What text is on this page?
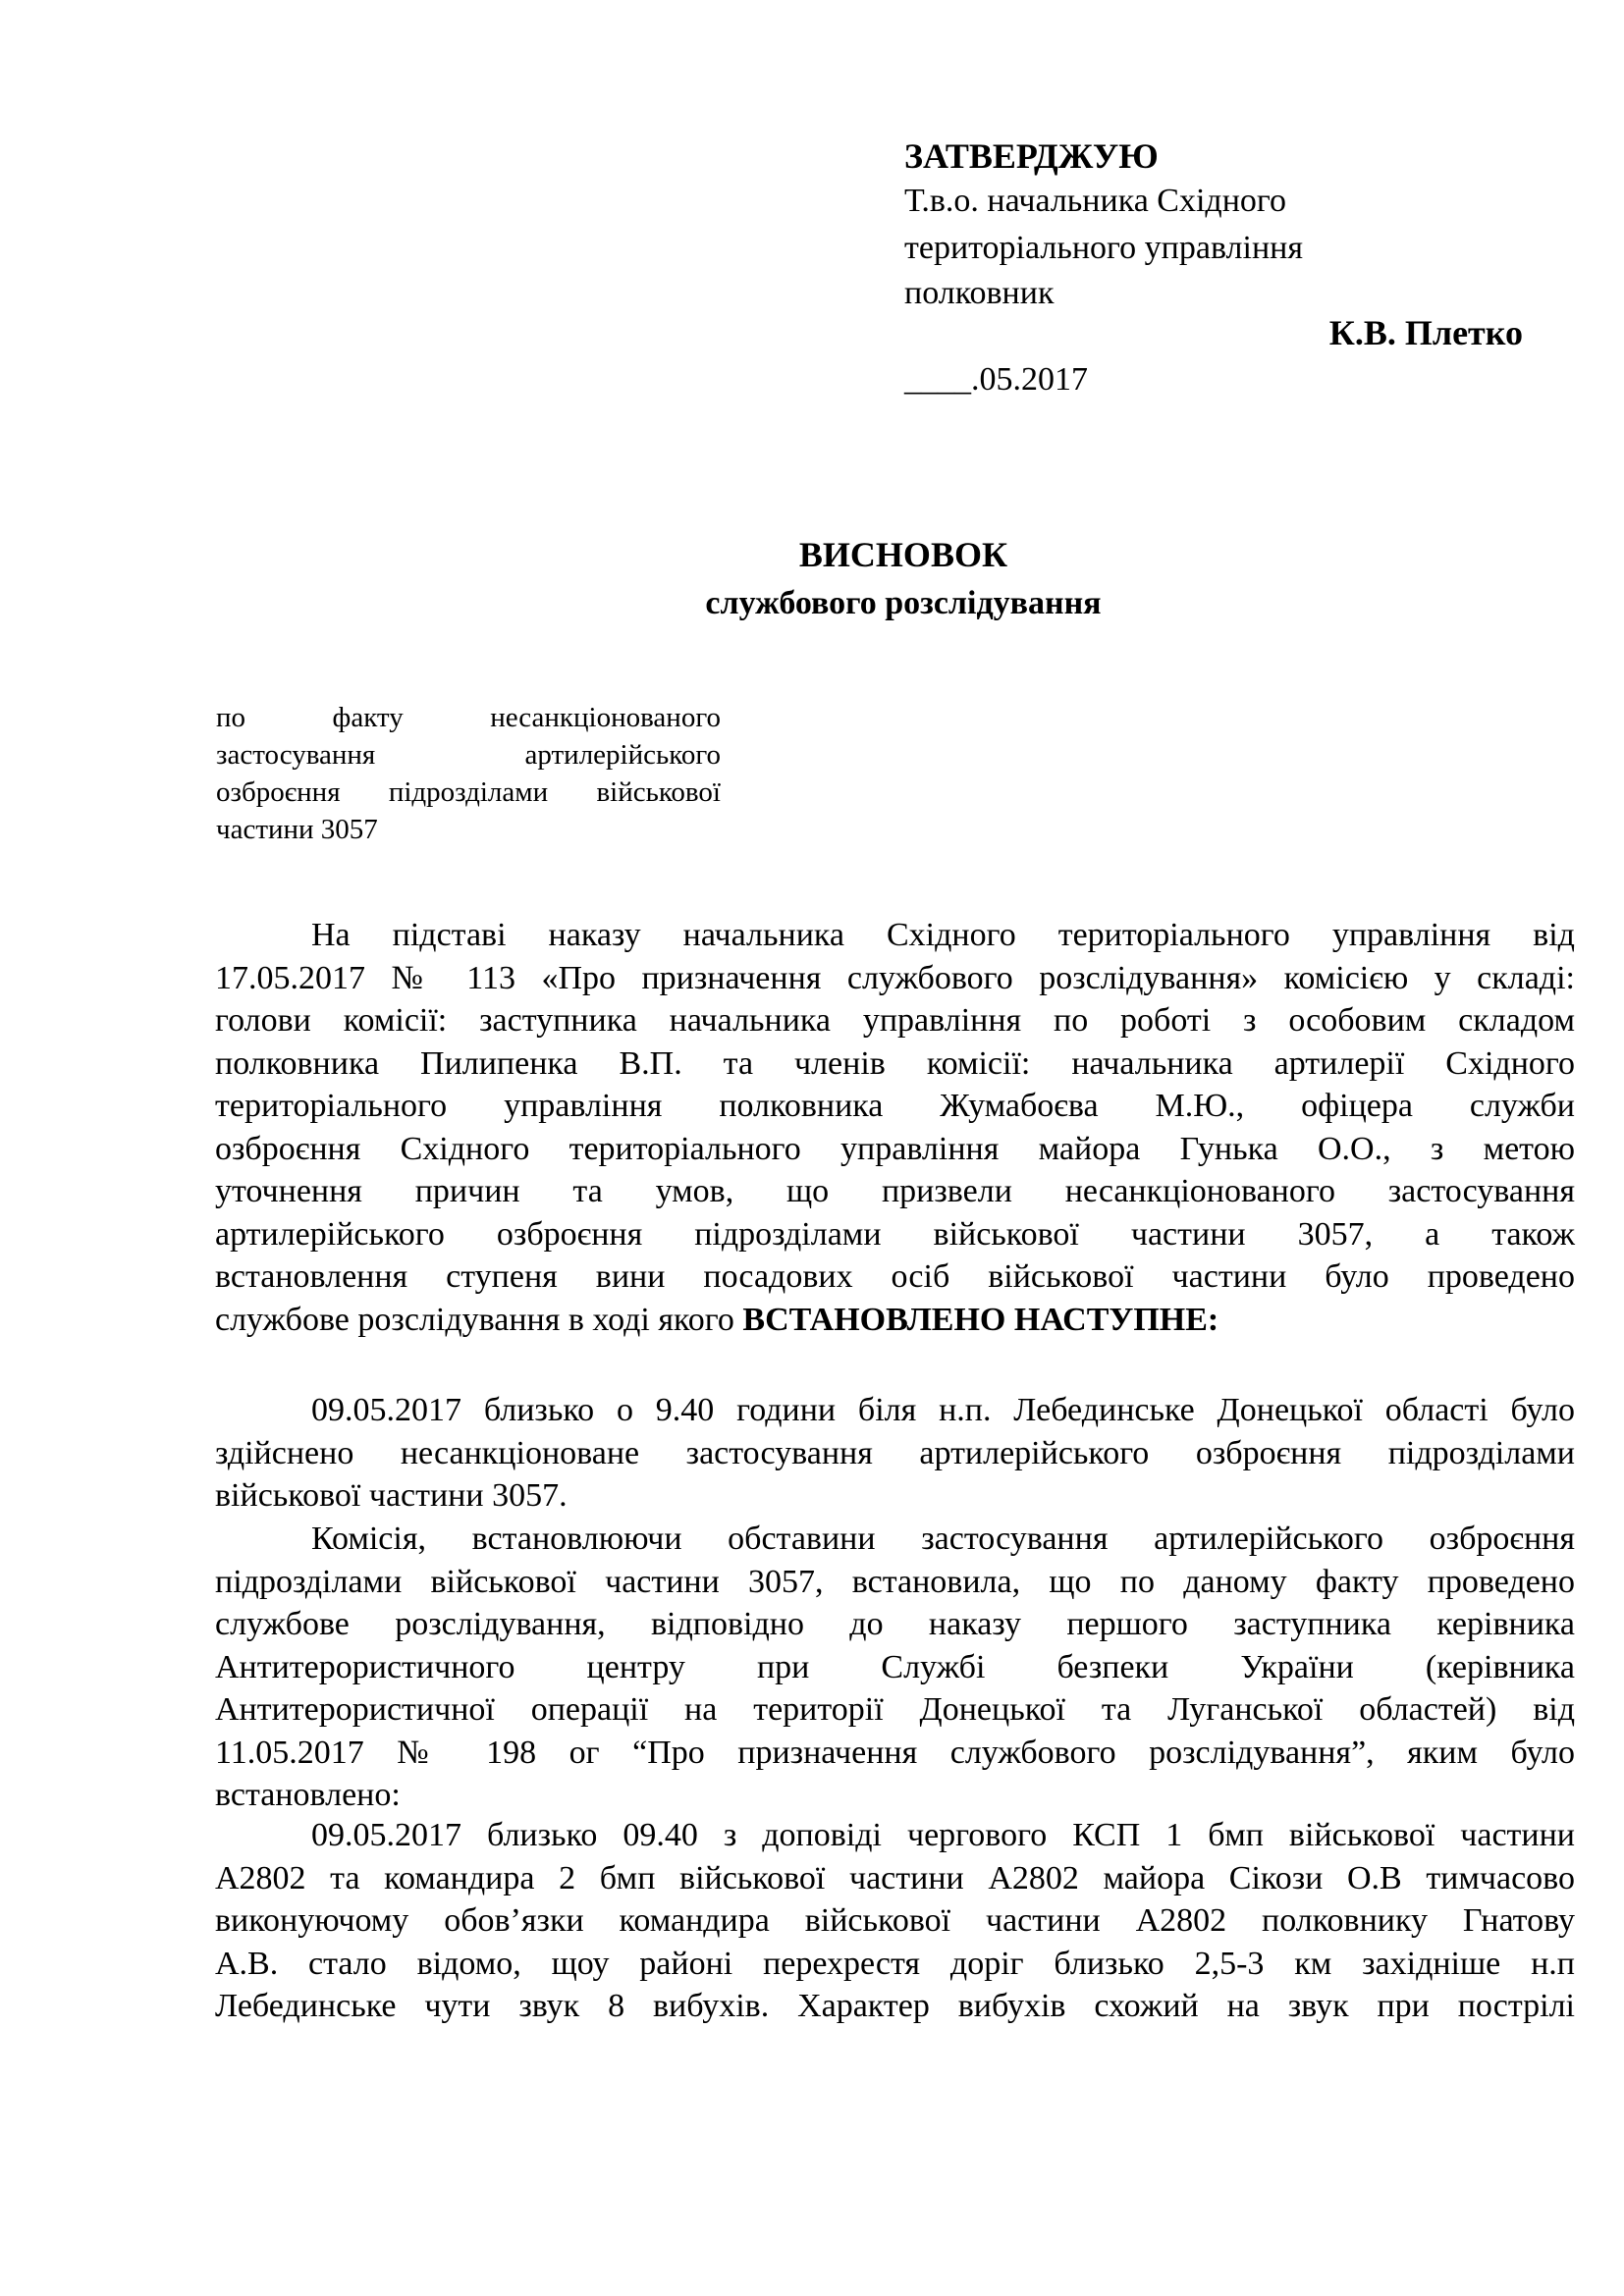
ЗАТВЕРДЖУЮ
Т.в.о. начальника Східного
територіального управління
полковник
К.В. Плетко
____.05.2017
ВИСНОВОК
службового розслідування
по факту несанкціонованого
застосування артилерійського
озброєння підрозділами військової
частини 3057
На підставі наказу начальника Східного територіального управління від
17.05.2017 № 113 «Про призначення службового розслідування» комісією у складі:
голови комісії: заступника начальника управління по роботі з особовим складом
полковника Пилипенка В.П. та членів комісії: начальника артилерії Східного
територіального управління полковника Жумабоєва М.Ю., офіцера служби
озброєння Східного територіального управління майора Гунька О.О., з метою
уточнення причин та умов, що призвели несанкціонованого застосування
артилерійського озброєння підрозділами військової частини 3057, а також
встановлення ступеня вини посадових осіб військової частини було проведено
службове розслідування в ході якого ВСТАНОВЛЕНО НАСТУПНЕ:
09.05.2017 близько о 9.40 години біля н.п. Лебединське Донецької області було
здійснено несанкціоноване застосування артилерійського озброєння підрозділами
військової частини 3057.
Комісія, встановлюючи обставини застосування артилерійського озброєння
підрозділами військової частини 3057, встановила, що по даному факту проведено
службове розслідування, відповідно до наказу першого заступника керівника
Антитерористичного центру при Службі безпеки України (керівника
Антитерористичної операції на території Донецької та Луганської областей) від
11.05.2017 № 198 ог “Про призначення службового розслідування”, яким було
встановлено:
09.05.2017 близько 09.40 з доповіді чергового КСП 1 бмп військової частини
А2802 та командира 2 бмп військової частини А2802 майора Сікози О.В тимчасово
виконуючому обов’язки командира військової частини А2802 полковнику Гнатову
А.В. стало відомо, щоу районі перехрестя доріг близько 2,5-3 км західніше н.п
Лебединське чути звук 8 вибухів. Характер вибухів схожий на звук при пострілі
